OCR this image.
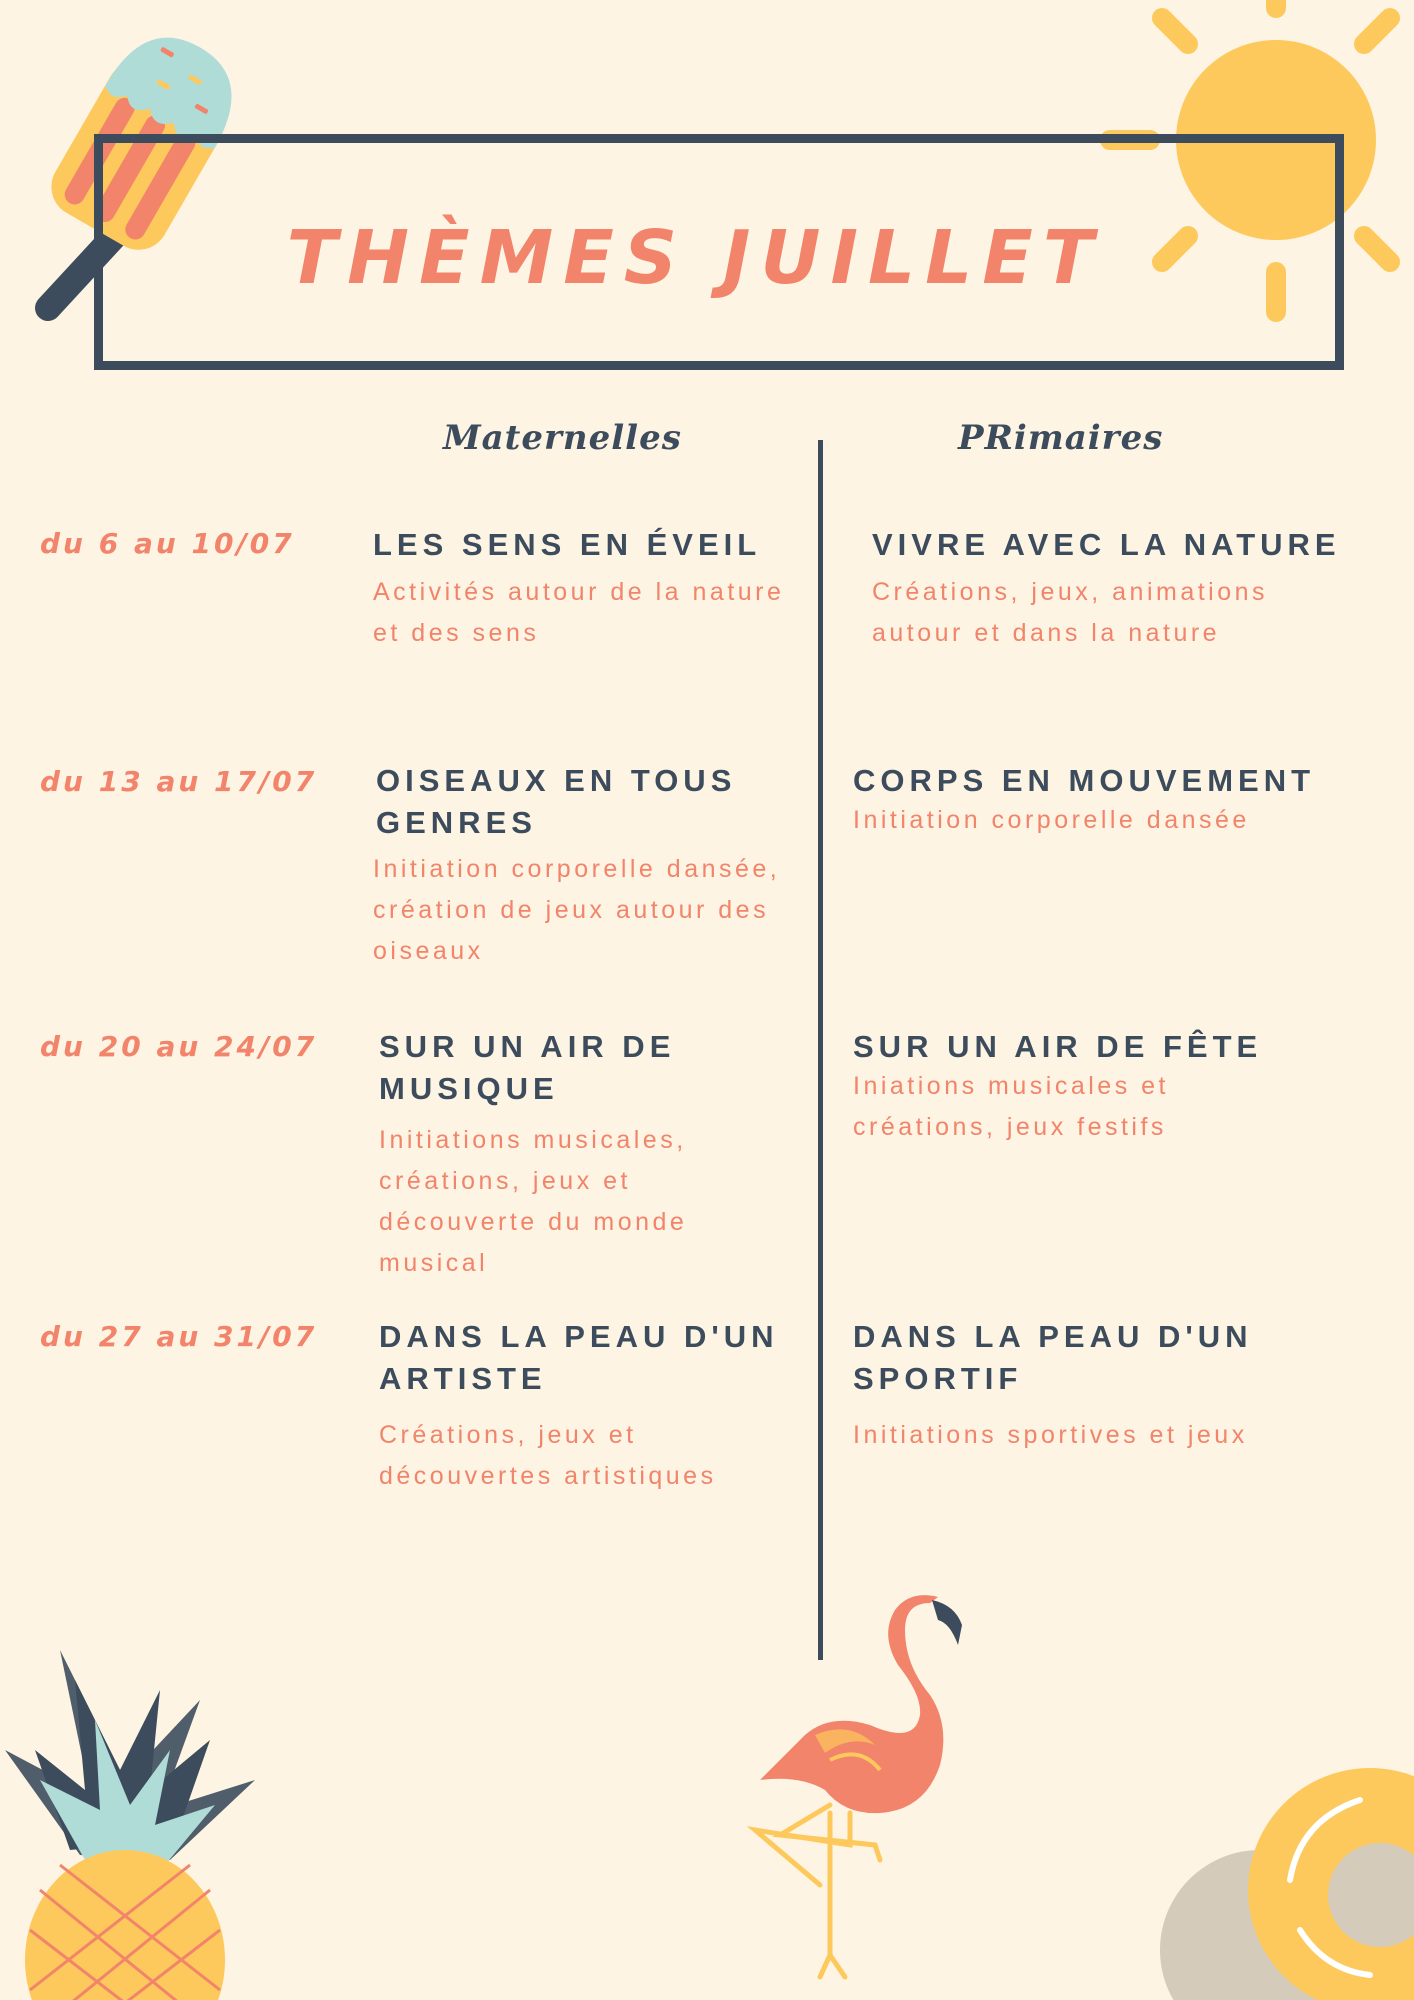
THÈMES JUILLET
Maternelles	PRimaires
du 6 au 10/07	LES SENS EN ÉVEIL
Activités autour de la nature et des sens
VIVRE AVEC LA NATURE
Créations, jeux, animations autour et dans la nature
du 13 au 17/07 OISEAUX EN TOUS GENRES
Initiation corporelle dansée, création de jeux autour des oiseaux
CORPS EN MOUVEMENT
Initiation corporelle dansée
du 20 au 24/07 SUR UN AIR DE MUSIQUE
Initiations musicales, créations, jeux et découverte du monde musical
SUR UN AIR DE FÊTE
Iniations musicales et créations, jeux festifs
du 27 au 31/07 DANS LA PEAU D'UN ARTISTE
Créations, jeux et découvertes artistiques
DANS LA PEAU D'UN SPORTIF
Initiations sportives et jeux
